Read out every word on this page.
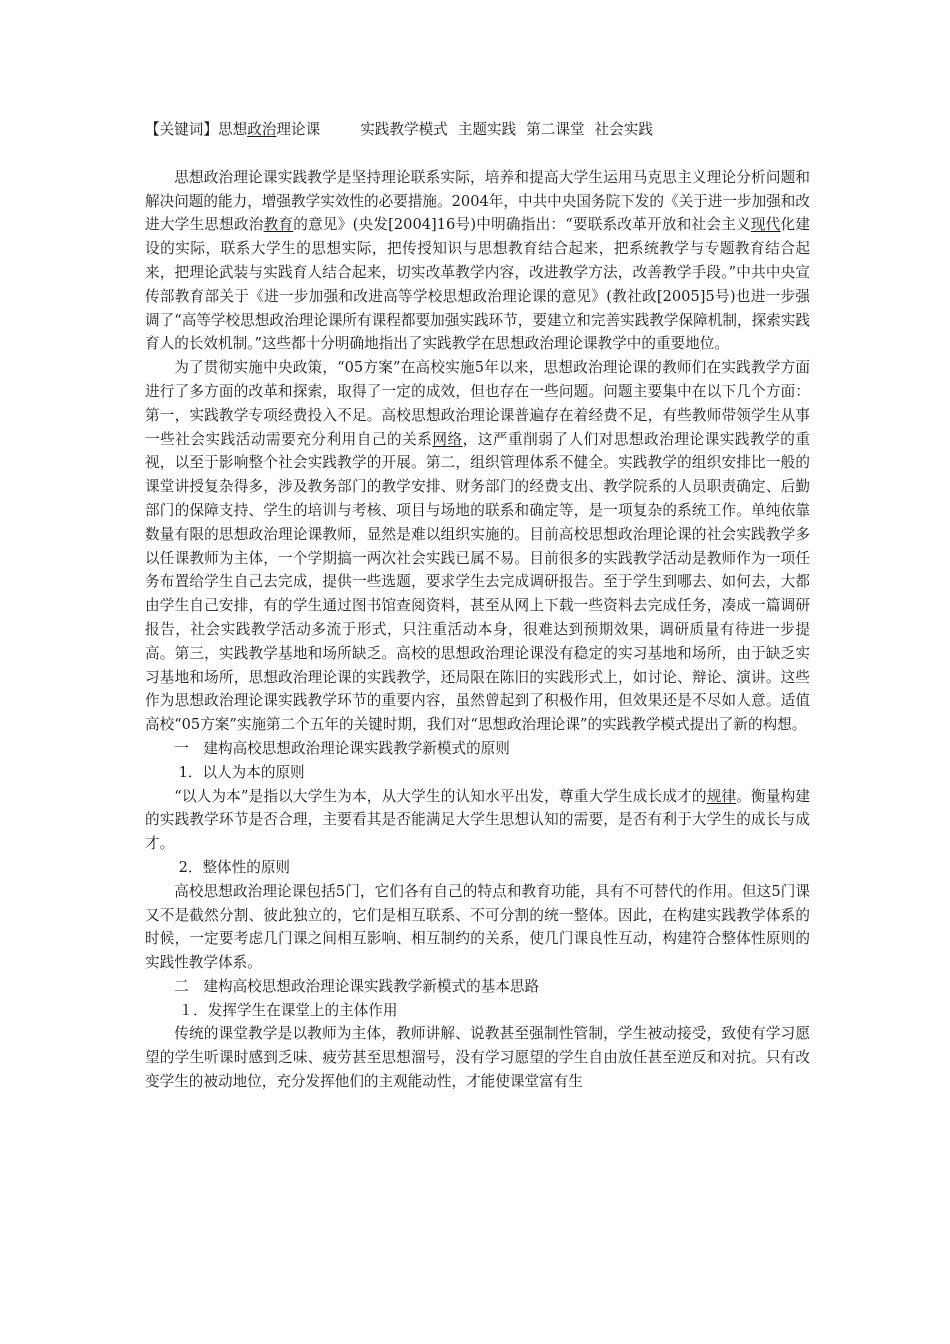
【关键词】思想政治理论课	实践教学模式 主题实践 第二课堂 社会实践

思想政治理论课实践教学是坚持理论联系实际，培养和提高大学生运用马克思主义理论分析问题和解决问题的能力，增强教学实效性的必要措施。2004年，中共中央国务院下发的《关于进一步加强和改进大学生思想政治教育的意见》(央发[2004]16号)中明确指出：“要联系改革开放和社会主义现代化建设的实际，联系大学生的思想实际，把传授知识与思想教育结合起来，把系统教学与专题教育结合起来，把理论武装与实践育人结合起来，切实改革教学内容，改进教学方法，改善教学手段。”中共中央宣传部教育部关于《进一步加强和改进高等学校思想政治理论课的意见》(教社政[2005]5号)也进一步强调了“高等学校思想政治理论课所有课程都要加强实践环节，要建立和完善实践教学保障机制，探索实践育人的长效机制。”这些都十分明确地指出了实践教学在思想政治理论课教学中的重要地位。

为了贯彻实施中央政策，“05方案”在高校实施5年以来，思想政治理论课的教师们在实践教学方面进行了多方面的改革和探索，取得了一定的成效，但也存在一些问题。问题主要集中在以下几个方面：第一，实践教学专项经费投入不足。高校思想政治理论课普遍存在着经费不足，有些教师带领学生从事一些社会实践活动需要充分利用自己的关系网络，这严重削弱了人们对思想政治理论课实践教学的重视，以至于影响整个社会实践教学的开展。第二，组织管理体系不健全。实践教学的组织安排比一般的课堂讲授复杂得多，涉及教务部门的教学安排、财务部门的经费支出、教学院系的人员职责确定、后勤部门的保障支持、学生的培训与考核、项目与场地的联系和确定等，是一项复杂的系统工作。单纯依靠数量有限的思想政治理论课教师，显然是难以组织实施的。目前高校思想政治理论课的社会实践教学多以任课教师为主体，一个学期搞一两次社会实践已属不易。目前很多的实践教学活动是教师作为一项任务布置给学生自己去完成，提供一些选题，要求学生去完成调研报告。至于学生到哪去、如何去，大都由学生自己安排，有的学生通过图书馆查阅资料，甚至从网上下载一些资料去完成任务，凑成一篇调研报告，社会实践教学活动多流于形式，只注重活动本身，很难达到预期效果，调研质量有待进一步提高。第三，实践教学基地和场所缺乏。高校的思想政治理论课没有稳定的实习基地和场所，由于缺乏实习基地和场所，思想政治理论课的实践教学，还局限在陈旧的实践形式上，如讨论、辩论、演讲。这些作为思想政治理论课实践教学环节的重要内容，虽然曾起到了积极作用，但效果还是不尽如人意。适值高校“05方案”实施第二个五年的关键时期，我们对“思想政治理论课”的实践教学模式提出了新的构想。

一　建构高校思想政治理论课实践教学新模式的原则

1．以人为本的原则

“以人为本”是指以大学生为本，从大学生的认知水平出发，尊重大学生成长成才的规律。衡量构建的实践教学环节是否合理，主要看其是否能满足大学生思想认知的需要，是否有利于大学生的成长与成才。

2．整体性的原则

高校思想政治理论课包括5门，它们各有自己的特点和教育功能，具有不可替代的作用。但这5门课又不是截然分割、彼此独立的，它们是相互联系、不可分割的统一整体。因此，在构建实践教学体系的时候，一定要考虑几门课之间相互影响、相互制约的关系，使几门课良性互动，构建符合整体性原则的实践性教学体系。

二　建构高校思想政治理论课实践教学新模式的基本思路

１．发挥学生在课堂上的主体作用

传统的课堂教学是以教师为主体，教师讲解、说教甚至强制性管制，学生被动接受，致使有学习愿望的学生听课时感到乏味、疲劳甚至思想溜号，没有学习愿望的学生自由放任甚至逆反和对抗。只有改变学生的被动地位，充分发挥他们的主观能动性，才能使课堂富有生
